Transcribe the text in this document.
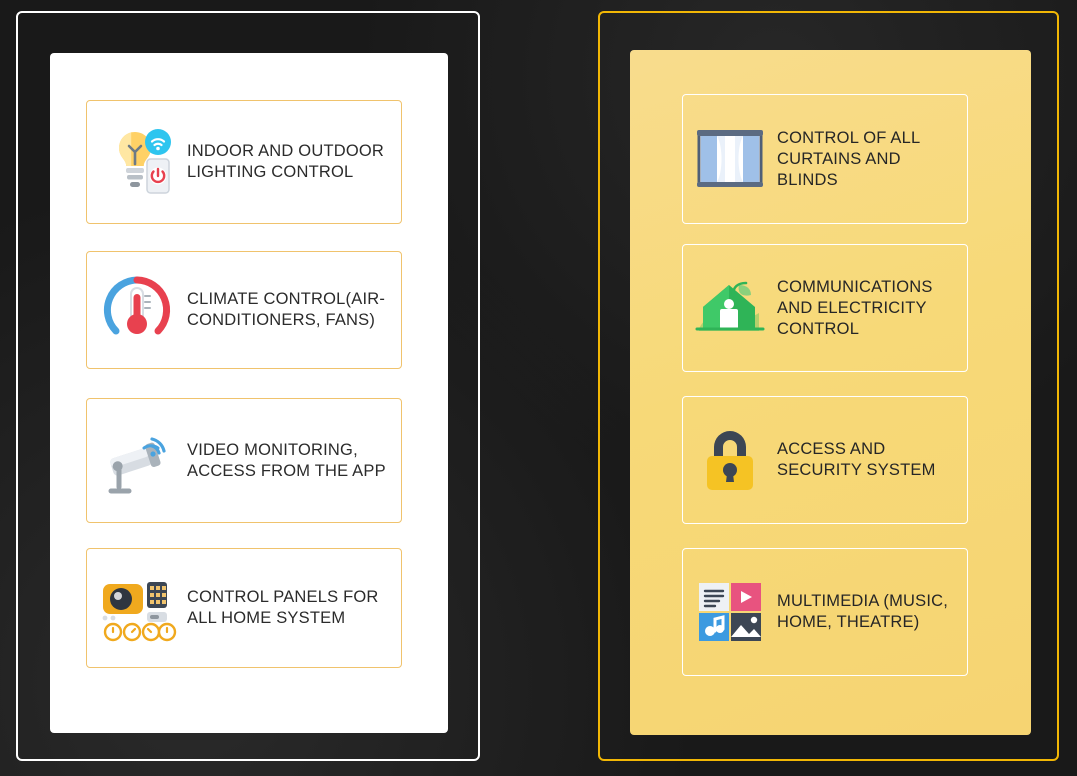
INDOOR AND OUTDOOR LIGHTING CONTROL
CLIMATE CONTROL(AIR-CONDITIONERS, FANS)
VIDEO MONITORING, ACCESS FROM THE APP
CONTROL PANELS FOR ALL HOME SYSTEM
CONTROL OF ALL CURTAINS AND BLINDS
COMMUNICATIONS AND ELECTRICITY CONTROL
ACCESS AND SECURITY SYSTEM
MULTIMEDIA (MUSIC, HOME, THEATRE)
